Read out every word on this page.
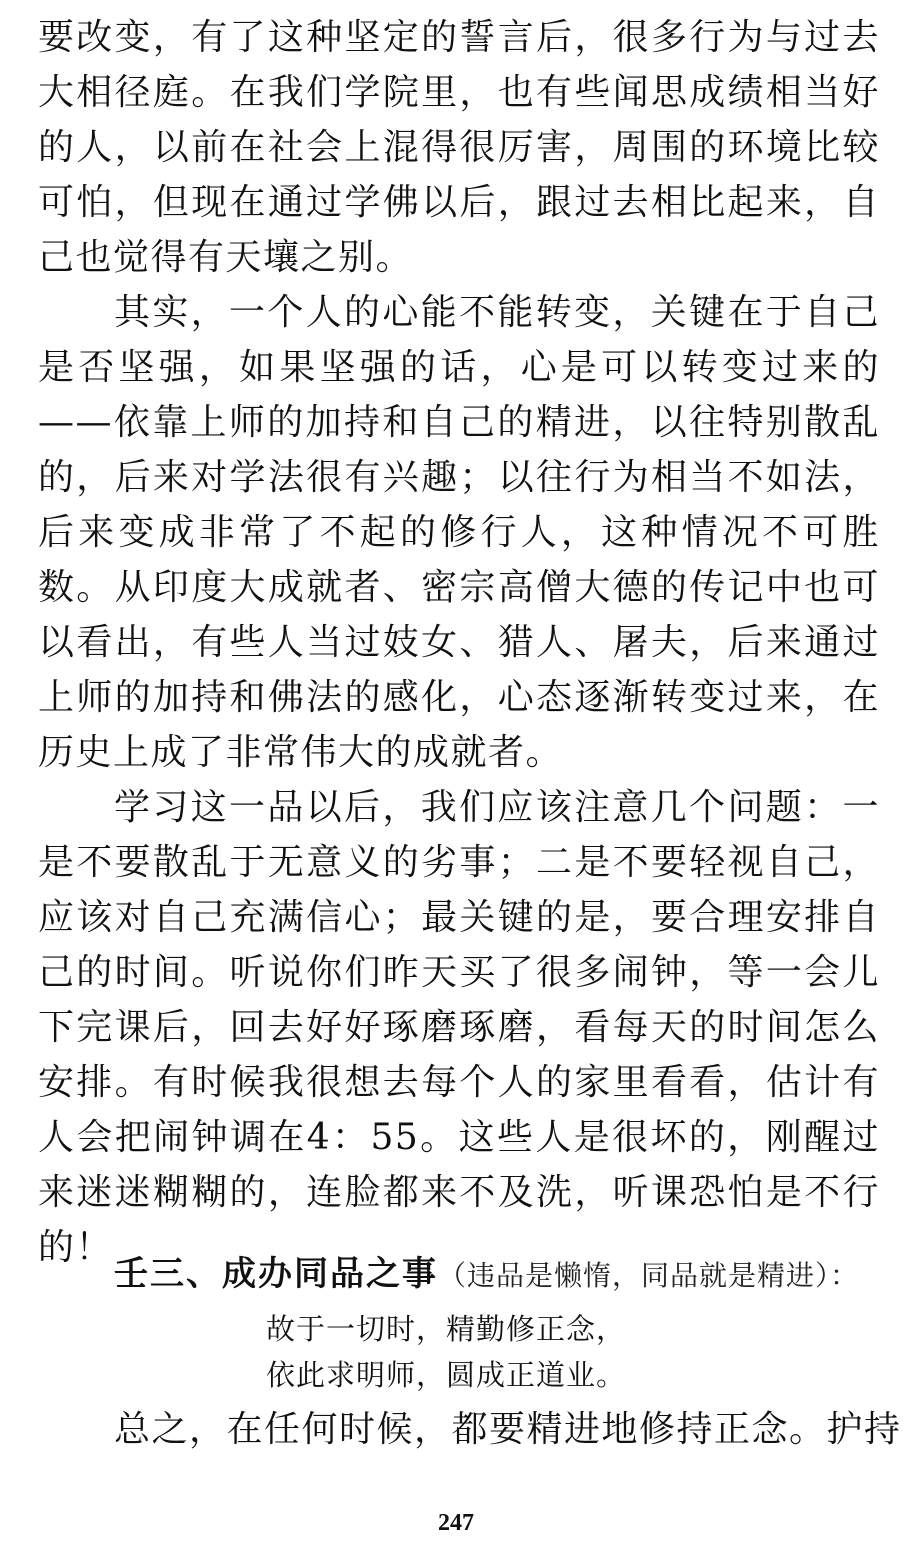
要改变，有了这种坚定的誓言后，很多行为与过去大相径庭。在我们学院里，也有些闻思成绩相当好的人，以前在社会上混得很厉害，周围的环境比较可怕，但现在通过学佛以后，跟过去相比起来，自己也觉得有天壤之别。

其实，一个人的心能不能转变，关键在于自己是否坚强，如果坚强的话，心是可以转变过来的——依靠上师的加持和自己的精进，以往特别散乱的，后来对学法很有兴趣；以往行为相当不如法，后来变成非常了不起的修行人，这种情况不可胜数。从印度大成就者、密宗高僧大德的传记中也可以看出，有些人当过妓女、猎人、屠夫，后来通过上师的加持和佛法的感化，心态逐渐转变过来，在历史上成了非常伟大的成就者。

学习这一品以后，我们应该注意几个问题：一是不要散乱于无意义的劣事；二是不要轻视自己，应该对自己充满信心；最关键的是，要合理安排自己的时间。听说你们昨天买了很多闹钟，等一会儿下完课后，回去好好琢磨琢磨，看每天的时间怎么安排。有时候我很想去每个人的家里看看，估计有人会把闹钟调在4：55。这些人是很坏的，刚醒过来迷迷糊糊的，连脸都来不及洗，听课恐怕是不行的！

壬三、成办同品之事（违品是懒惰，同品就是精进）：
故于一切时，精勤修正念，
依此求明师，圆成正道业。
总之，在任何时候，都要精进地修持正念。护持
247
